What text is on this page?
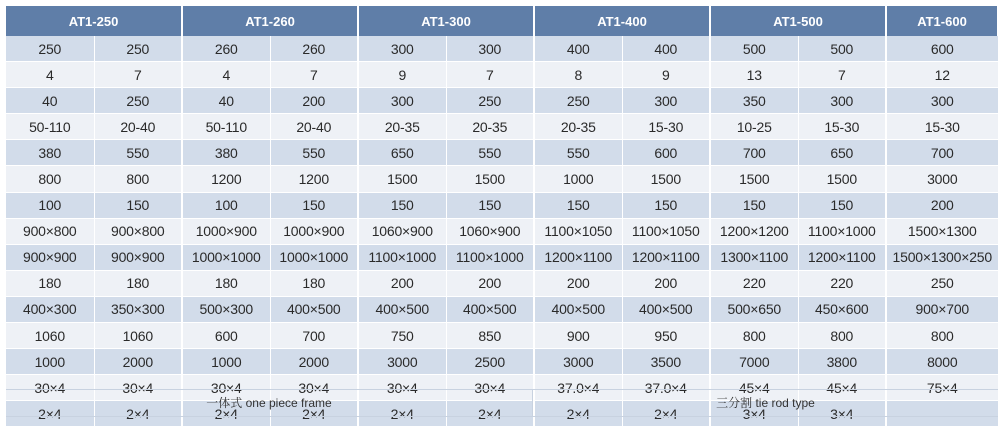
AT1-250		AT1-260		AT1-300		AT1-400		AT1-500		AT1-600
250	250	260	260	300	300	400	400	500	500	600
4	7	4	7	9	7	8	9	13	7	12
40	250	40	200	300	250	250	300	350	300	300
50-110	20-40	50-110	20-40	20-35	20-35	20-35	15-30	10-25	15-30	15-30
380	550	380	550	650	550	550	600	700	650	700
800	800	1200	1200	1500	1500	1000	1500	1500	1500	3000
100	150	100	150	150	150	150	150	150	150	200
900×800	900×800	1000×900	1000×900	1060×900	1060×900	1100×1050	1100×1050	1200×1200	1100×1000	1500×1300
900×900	900×900	1000×1000	1000×1000	1100×1000	1100×1000	1200×1100	1200×1100	1300×1100	1200×1100	1500×1300×250
180	180	180	180	200	200	200	200	220	220	250
400×300	350×300	500×300	400×500	400×500	400×500	400×500	400×500	500×650	450×600	900×700
1060	1060	600	700	750	850	900	950	800	800	800
1000	2000	1000	2000	3000	2500	3000	3500	7000	3800	8000
30×4	30×4	30×4	30×4	30×4	30×4	37.0×4	37.0×4	45×4	45×4	75×4
2×4	2×4	2×4	2×4	2×4	2×4	2×4	2×4	3×4	3×4	
一体式 one piece frame	三分割 tie rod type
